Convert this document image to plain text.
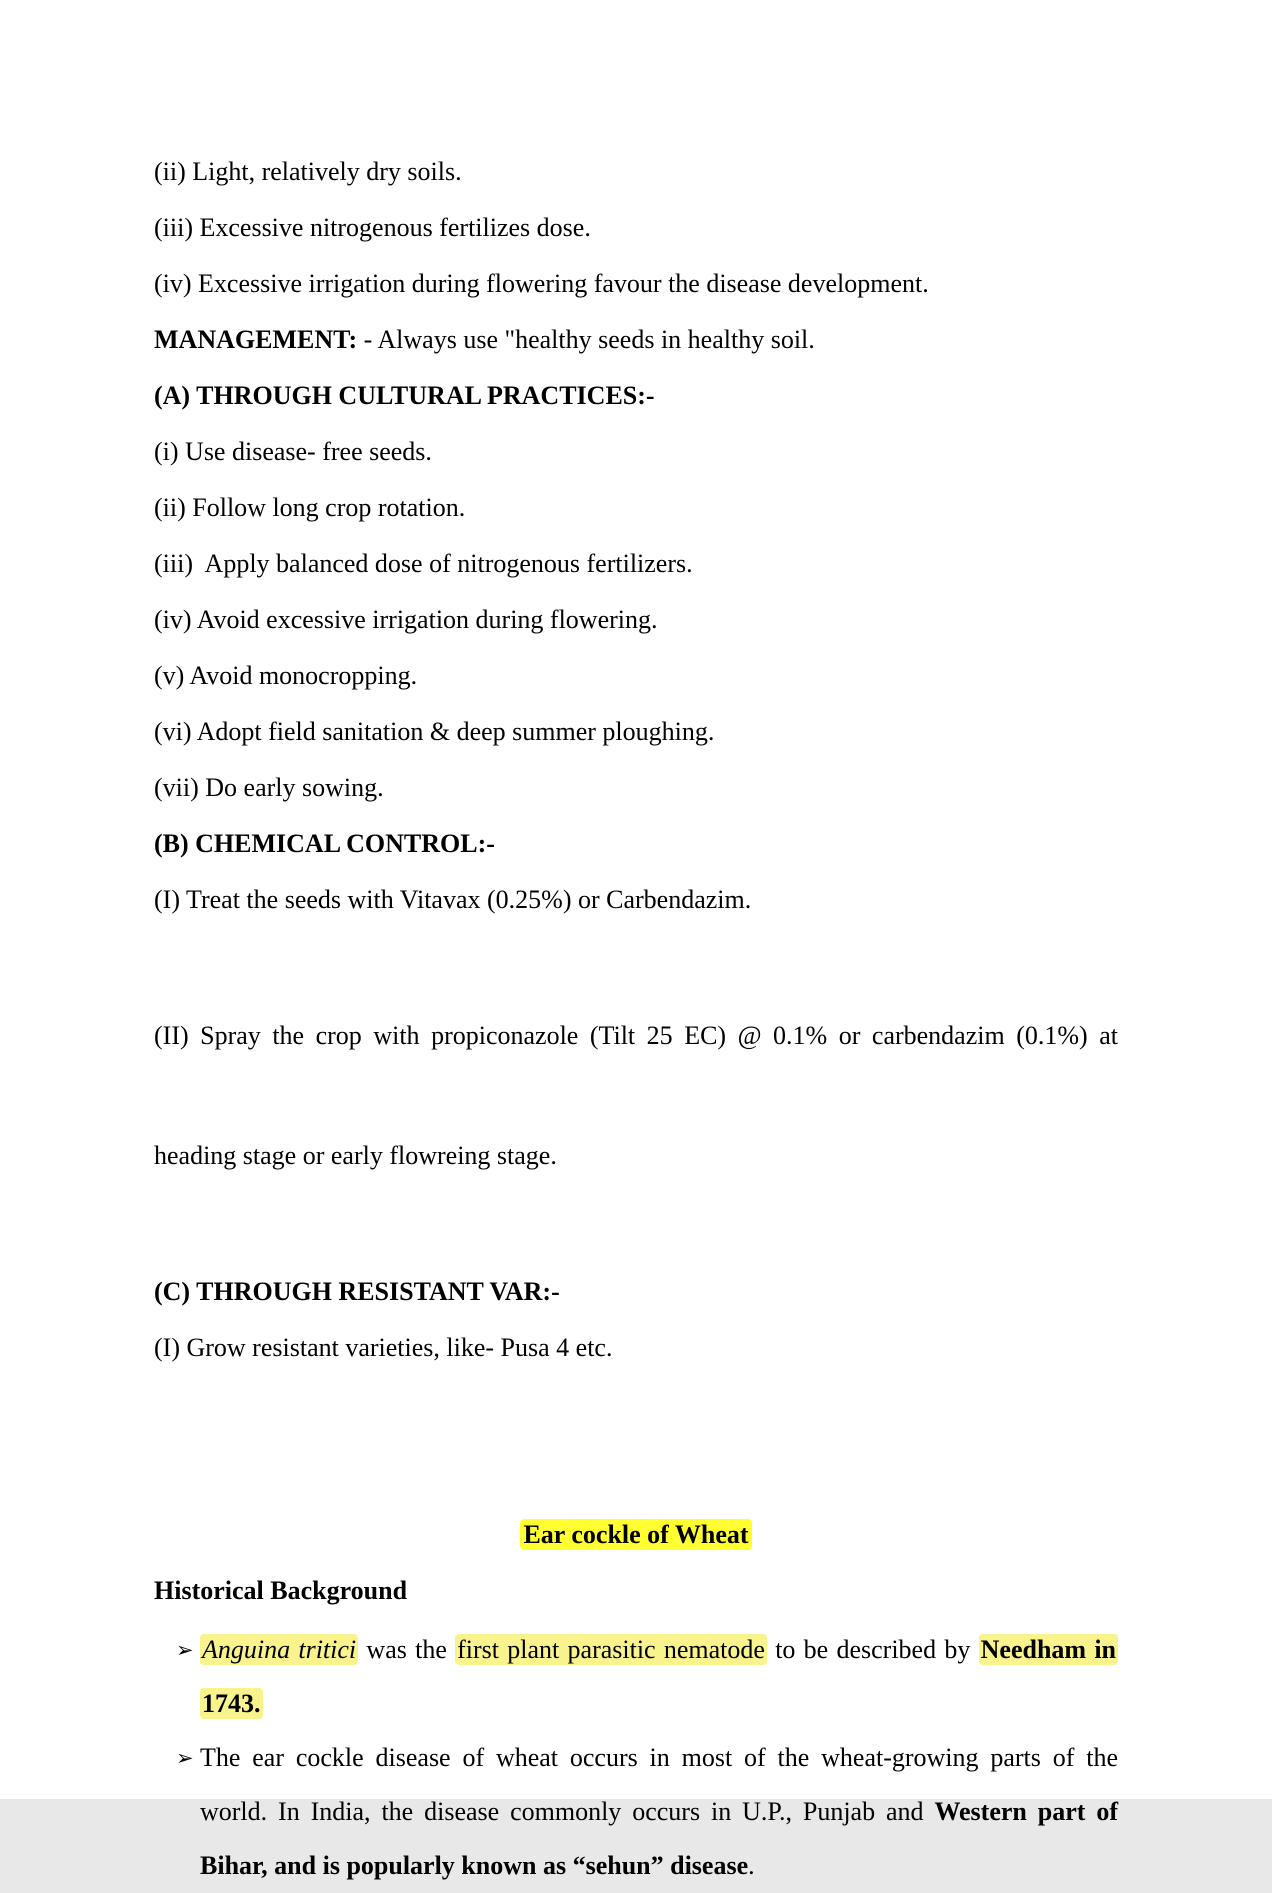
(ii) Light, relatively dry soils.

(iii) Excessive nitrogenous fertilizes dose.

(iv) Excessive irrigation during flowering favour the disease development.

MANAGEMENT: - Always use "healthy seeds in healthy soil.

(A) THROUGH CULTURAL PRACTICES:-

(i) Use disease- free seeds.

(ii) Follow long crop rotation.

(iii)  Apply balanced dose of nitrogenous fertilizers.

(iv) Avoid excessive irrigation during flowering.

(v) Avoid monocropping.

(vi) Adopt field sanitation & deep summer ploughing.

(vii) Do early sowing.

(B) CHEMICAL CONTROL:-

(I) Treat the seeds with Vitavax (0.25%) or Carbendazim.

(II) Spray the crop with propiconazole (Tilt 25 EC) @ 0.1% or carbendazim (0.1%) at

heading stage or early flowreing stage.

(C) THROUGH RESISTANT VAR:-

(I) Grow resistant varieties, like- Pusa 4 etc.

Ear cockle of Wheat
Historical Background
➢ Anguina tritici was the first plant parasitic nematode to be described by Needham in
1743.
➢ The ear cockle disease of wheat occurs in most of the wheat-growing parts of the
world. In India, the disease commonly occurs in U.P., Punjab and Western part of
Bihar, and is popularly known as “sehun” disease.
